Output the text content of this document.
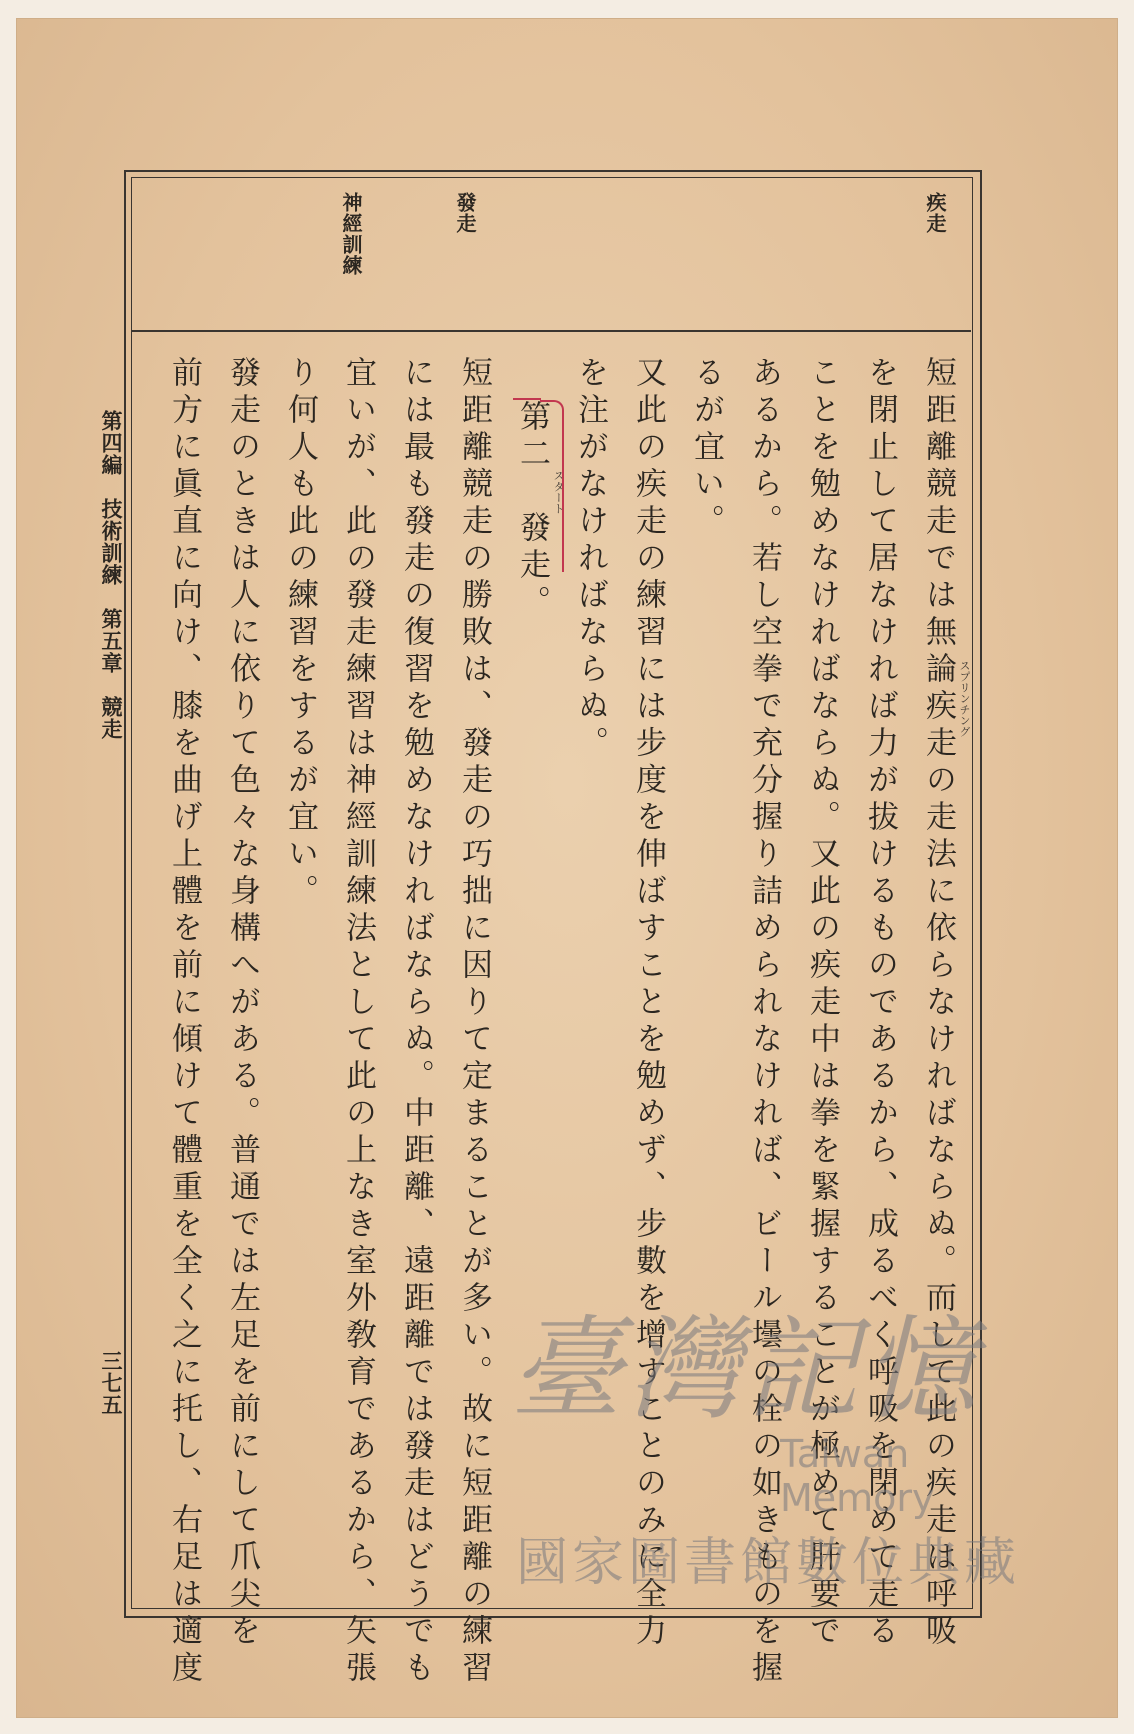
疾走
發走
神經訓練
短距離競走では無論疾走の走法に依らなければならぬ。而して此の疾走は呼吸
を閉止して居なければ力が拔けるものであるから、成るべく呼吸を閉めて走る
ことを勉めなければならぬ。又此の疾走中は拳を緊握することが極めて肝要で
あるから。若し空拳で充分握り詰められなければ、ビール壜の栓の如きものを握
るが宜い。
又此の疾走の練習には步度を伸ばすことを勉めず、步數を增すことのみに全力
を注がなければならぬ。
第二　發走。
短距離競走の勝敗は、發走の巧拙に因りて定まることが多い。故に短距離の練習
には最も發走の復習を勉めなければならぬ。中距離、遠距離では發走はどうでも
宜いが、此の發走練習は神經訓練法として此の上なき室外敎育であるから、矢張
り何人も此の練習をするが宜い。
發走のときは人に依りて色々な身構へがある。普通では左足を前にして爪尖を
前方に眞直に向け、膝を曲げ上體を前に傾けて體重を全く之に托し、右足は適度	スプリンチング
スタート
第四編　技術訓練　第五章　競走
三七五	臺灣記憶
Taiwan Memory
國家圖書館數位典藏
